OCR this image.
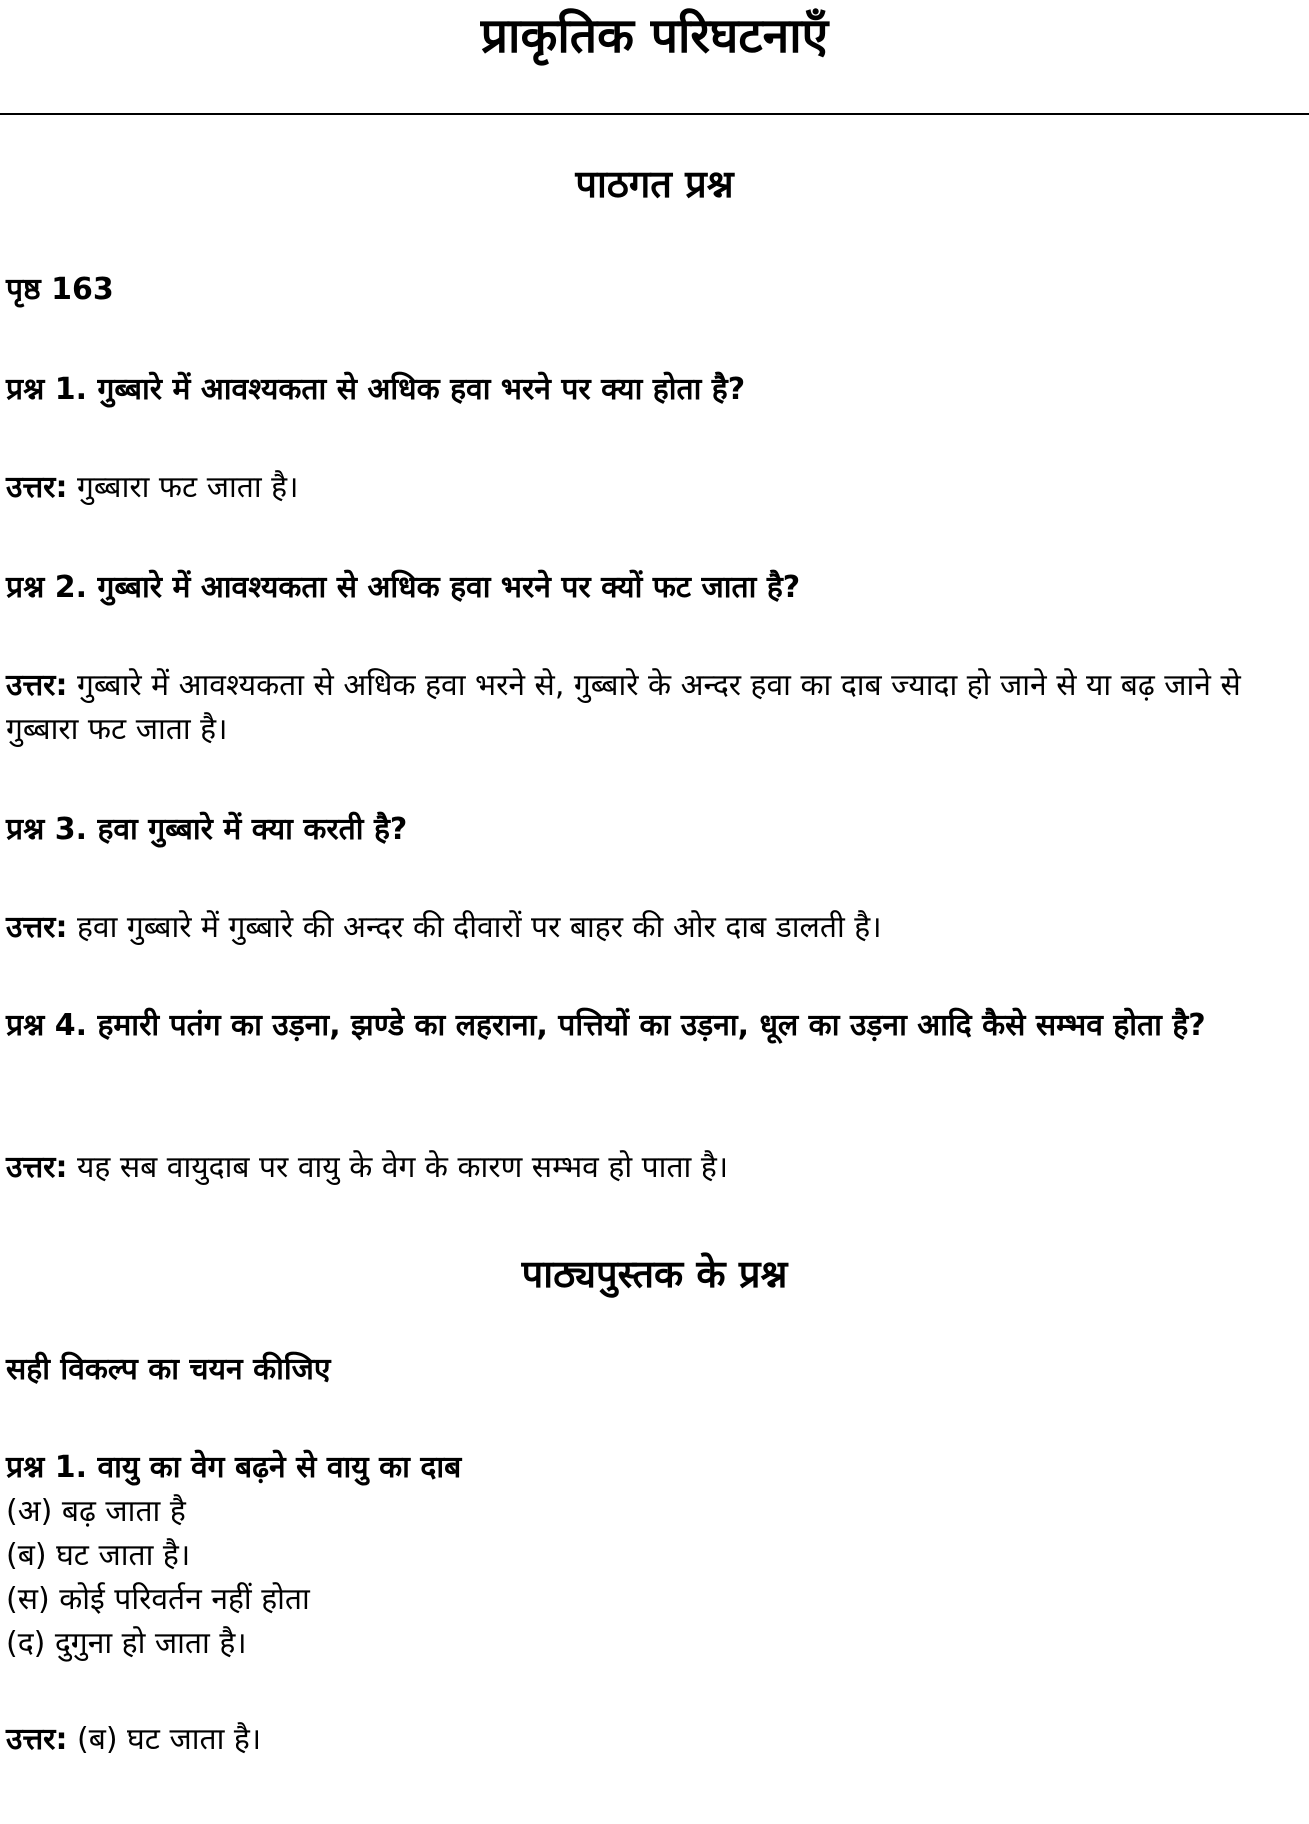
प्राकृतिक परिघटनाएँ
पाठगत प्रश्न
पृष्ठ 163
प्रश्न 1. गुब्बारे में आवश्यकता से अधिक हवा भरने पर क्या होता है?
उत्तर: गुब्बारा फट जाता है।
प्रश्न 2. गुब्बारे में आवश्यकता से अधिक हवा भरने पर क्यों फट जाता है?
उत्तर: गुब्बारे में आवश्यकता से अधिक हवा भरने से, गुब्बारे के अन्दर हवा का दाब ज्यादा हो जाने से या बढ़ जाने से गुब्बारा फट जाता है।
प्रश्न 3. हवा गुब्बारे में क्या करती है?
उत्तर: हवा गुब्बारे में गुब्बारे की अन्दर की दीवारों पर बाहर की ओर दाब डालती है।
प्रश्न 4. हमारी पतंग का उड़ना, झण्डे का लहराना, पत्तियों का उड़ना, धूल का उड़ना आदि कैसे सम्भव होता है?
उत्तर: यह सब वायुदाब पर वायु के वेग के कारण सम्भव हो पाता है।
पाठ्यपुस्तक के प्रश्न
सही विकल्प का चयन कीजिए
प्रश्न 1. वायु का वेग बढ़ने से वायु का दाब
(अ) बढ़ जाता है
(ब) घट जाता है।
(स) कोई परिवर्तन नहीं होता
(द) दुगुना हो जाता है।
उत्तर: (ब) घट जाता है।
